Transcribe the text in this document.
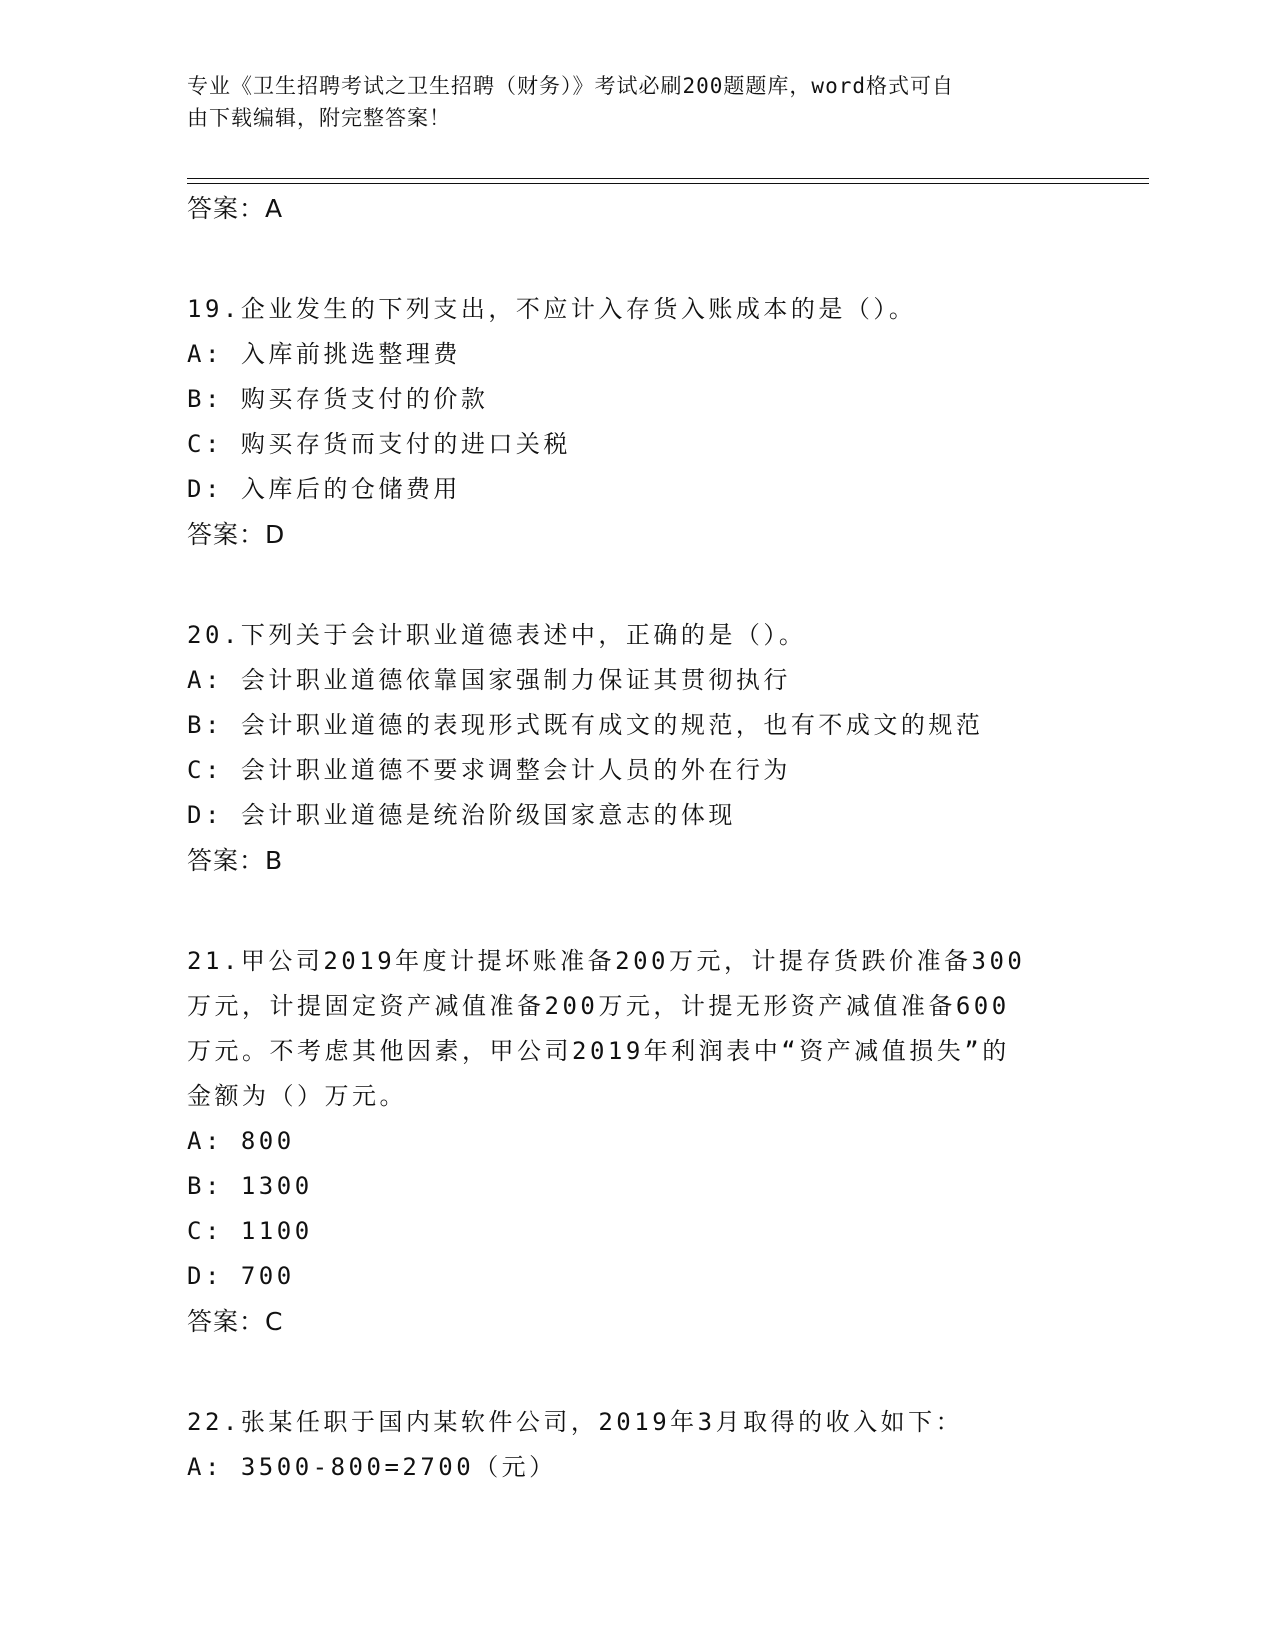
专业《卫生招聘考试之卫生招聘（财务）》考试必刷200题题库，word格式可自
由下载编辑，附完整答案！
答案：A
19.企业发生的下列支出，不应计入存货入账成本的是（）。
A: 入库前挑选整理费
B: 购买存货支付的价款
C: 购买存货而支付的进口关税
D: 入库后的仓储费用
答案：D
20.下列关于会计职业道德表述中，正确的是（）。
A: 会计职业道德依靠国家强制力保证其贯彻执行
B: 会计职业道德的表现形式既有成文的规范，也有不成文的规范
C: 会计职业道德不要求调整会计人员的外在行为
D: 会计职业道德是统治阶级国家意志的体现
答案：B
21.甲公司2019年度计提坏账准备200万元，计提存货跌价准备300
万元，计提固定资产减值准备200万元，计提无形资产减值准备600
万元。不考虑其他因素，甲公司2019年利润表中“资产减值损失”的
金额为（）万元。
A: 800
B: 1300
C: 1100
D: 700
答案：C
22.张某任职于国内某软件公司，2019年3月取得的收入如下：
A: 3500-800=2700（元）
